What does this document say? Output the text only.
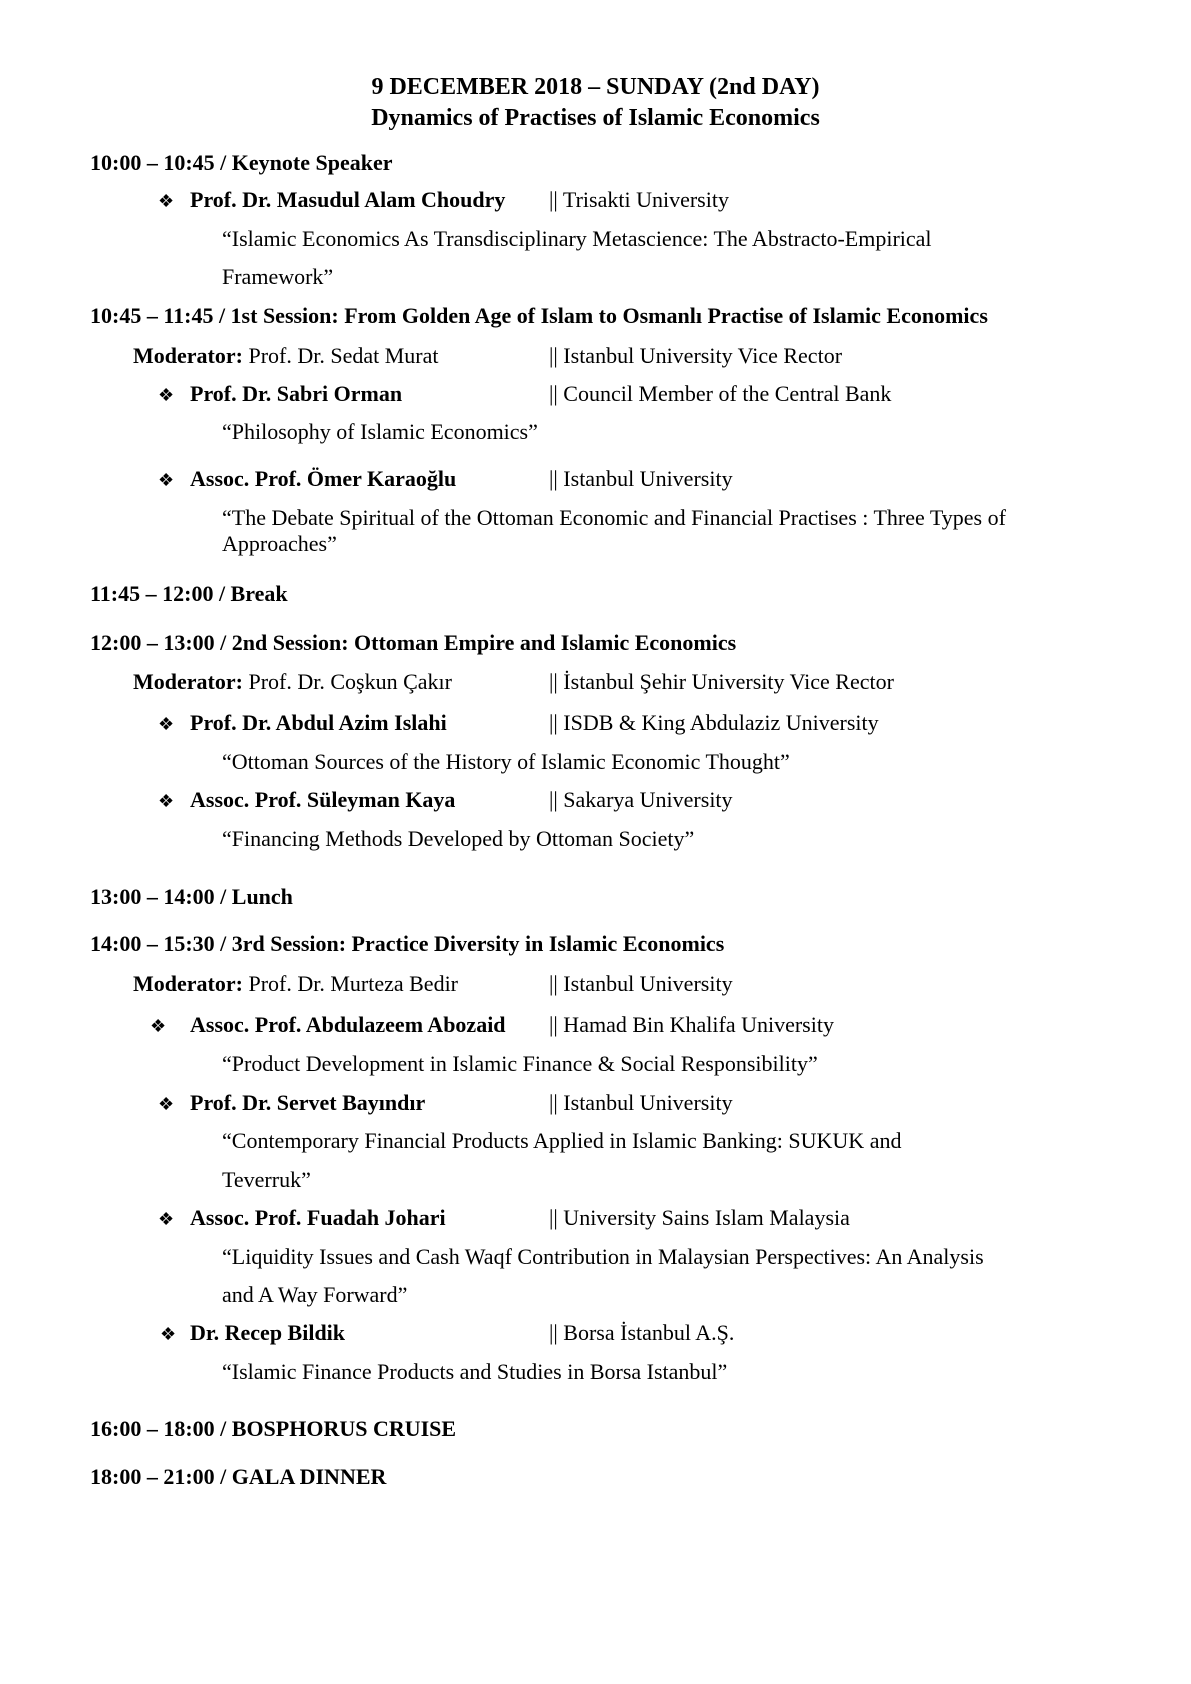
9 DECEMBER 2018 – SUNDAY (2nd DAY)
Dynamics of Practises of Islamic Economics
10:00 – 10:45 / Keynote Speaker
❖ Prof. Dr. Masudul Alam Choudry || Trisakti University
“Islamic Economics As Transdisciplinary Metascience: The Abstracto-Empirical
Framework”
10:45 – 11:45 / 1st Session: From Golden Age of Islam to Osmanlı Practise of Islamic Economics
Moderator: Prof. Dr. Sedat Murat	|| Istanbul University Vice Rector
❖ Prof. Dr. Sabri Orman	|| Council Member of the Central Bank
“Philosophy of Islamic Economics”
❖ Assoc. Prof. Ömer Karaoğlu	|| Istanbul University
“The Debate Spiritual of the Ottoman Economic and Financial Practises : Three Types of
Approaches”
11:45 – 12:00 / Break
12:00 – 13:00 / 2nd Session: Ottoman Empire and Islamic Economics
Moderator: Prof. Dr. Coşkun Çakır	|| İstanbul Şehir University Vice Rector
❖ Prof. Dr. Abdul Azim Islahi	|| ISDB & King Abdulaziz University
“Ottoman Sources of the History of Islamic Economic Thought”
❖ Assoc. Prof. Süleyman Kaya	|| Sakarya University
“Financing Methods Developed by Ottoman Society”
13:00 – 14:00 / Lunch
14:00 – 15:30 / 3rd Session: Practice Diversity in Islamic Economics
Moderator: Prof. Dr. Murteza Bedir	|| Istanbul University
❖ Assoc. Prof. Abdulazeem Abozaid || Hamad Bin Khalifa University
“Product Development in Islamic Finance & Social Responsibility”
❖ Prof. Dr. Servet Bayındır	|| Istanbul University
“Contemporary Financial Products Applied in Islamic Banking: SUKUK and
Teverruk”
❖ Assoc. Prof. Fuadah Johari	|| University Sains Islam Malaysia
“Liquidity Issues and Cash Waqf Contribution in Malaysian Perspectives: An Analysis
and A Way Forward”
❖ Dr. Recep Bildik	|| Borsa İstanbul A.Ş.
“Islamic Finance Products and Studies in Borsa Istanbul”
16:00 – 18:00 / BOSPHORUS CRUISE
18:00 – 21:00 / GALA DINNER
